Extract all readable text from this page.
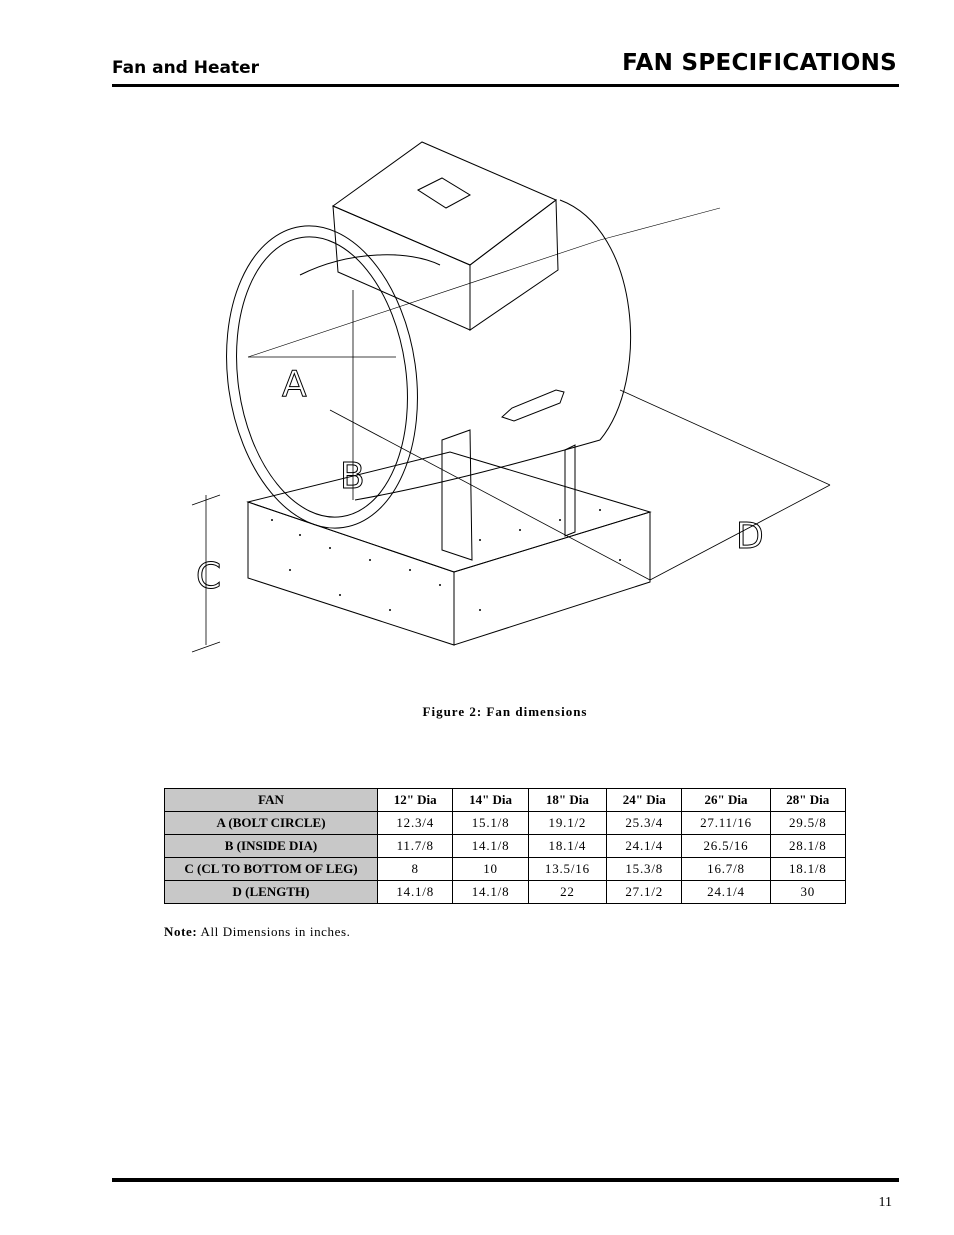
Fan and Heater	FAN SPECIFICATIONS
A
B
C
D
Figure 2: Fan dimensions
FAN	12" Dia	14" Dia	18" Dia	24" Dia	26" Dia	28" Dia
A (BOLT CIRCLE)	12.3/4	15.1/8	19.1/2	25.3/4	27.11/16	29.5/8
B (INSIDE DIA)	11.7/8	14.1/8	18.1/4	24.1/4	26.5/16	28.1/8
C (CL TO BOTTOM OF LEG)	8	10	13.5/16	15.3/8	16.7/8	18.1/8
D (LENGTH)	14.1/8	14.1/8	22	27.1/2	24.1/4	30
Note: All Dimensions in inches.
11
